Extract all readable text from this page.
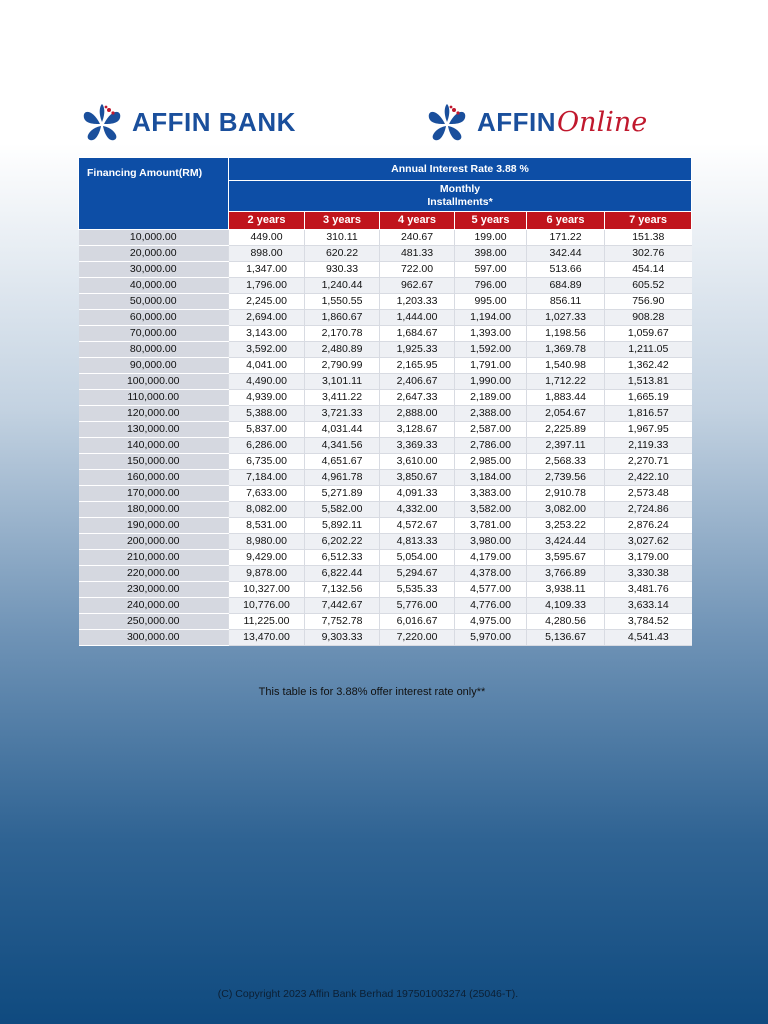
AFFIN BANK	AFFIN Online
Financing Amount(RM)	Annual Interest Rate 3.88 %					

	Monthly
Installments*					

	2 years	3 years	4 years	5 years	6 years	7 years
10,000.00	449.00	310.11	240.67	199.00	171.22	151.38
20,000.00	898.00	620.22	481.33	398.00	342.44	302.76
30,000.00	1,347.00	930.33	722.00	597.00	513.66	454.14
40,000.00	1,796.00	1,240.44	962.67	796.00	684.89	605.52
50,000.00	2,245.00	1,550.55	1,203.33	995.00	856.11	756.90
60,000.00	2,694.00	1,860.67	1,444.00	1,194.00	1,027.33	908.28
70,000.00	3,143.00	2,170.78	1,684.67	1,393.00	1,198.56	1,059.67
80,000.00	3,592.00	2,480.89	1,925.33	1,592.00	1,369.78	1,211.05
90,000.00	4,041.00	2,790.99	2,165.95	1,791.00	1,540.98	1,362.42
100,000.00	4,490.00	3,101.11	2,406.67	1,990.00	1,712.22	1,513.81
110,000.00	4,939.00	3,411.22	2,647.33	2,189.00	1,883.44	1,665.19
120,000.00	5,388.00	3,721.33	2,888.00	2,388.00	2,054.67	1,816.57
130,000.00	5,837.00	4,031.44	3,128.67	2,587.00	2,225.89	1,967.95
140,000.00	6,286.00	4,341.56	3,369.33	2,786.00	2,397.11	2,119.33
150,000.00	6,735.00	4,651.67	3,610.00	2,985.00	2,568.33	2,270.71
160,000.00	7,184.00	4,961.78	3,850.67	3,184.00	2,739.56	2,422.10
170,000.00	7,633.00	5,271.89	4,091.33	3,383.00	2,910.78	2,573.48
180,000.00	8,082.00	5,582.00	4,332.00	3,582.00	3,082.00	2,724.86
190,000.00	8,531.00	5,892.11	4,572.67	3,781.00	3,253.22	2,876.24
200,000.00	8,980.00	6,202.22	4,813.33	3,980.00	3,424.44	3,027.62
210,000.00	9,429.00	6,512.33	5,054.00	4,179.00	3,595.67	3,179.00
220,000.00	9,878.00	6,822.44	5,294.67	4,378.00	3,766.89	3,330.38
230,000.00	10,327.00	7,132.56	5,535.33	4,577.00	3,938.11	3,481.76
240,000.00	10,776.00	7,442.67	5,776.00	4,776.00	4,109.33	3,633.14
250,000.00	11,225.00	7,752.78	6,016.67	4,975.00	4,280.56	3,784.52
300,000.00	13,470.00	9,303.33	7,220.00	5,970.00	5,136.67	4,541.43
This table is for 3.88% offer interest rate only**
(C) Copyright 2023 Affin Bank Berhad 197501003274 (25046-T).
